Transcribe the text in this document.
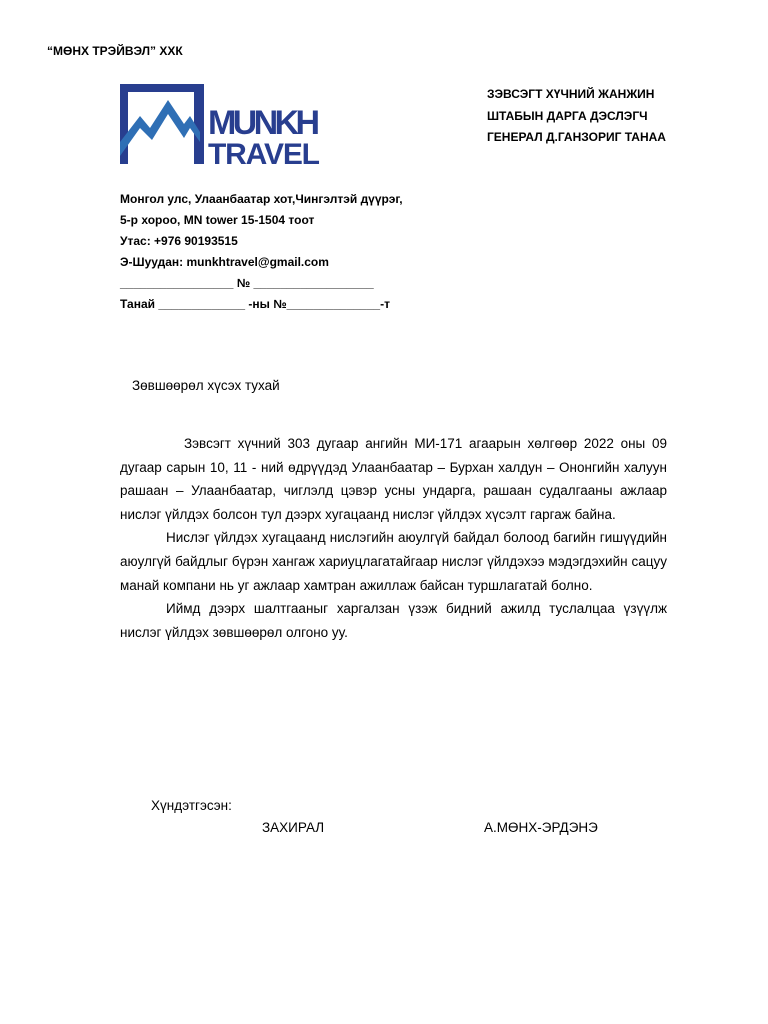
“МӨНХ ТРЭЙВЭЛ” ХХК
MUNKH
TRAVEL
ЗЭВСЭГТ ХҮЧНИЙ ЖАНЖИН
ШТАБЫН ДАРГА ДЭСЛЭГЧ
ГЕНЕРАЛ Д.ГАНЗОРИГ ТАНАА
Монгол улс, Улаанбаатар хот,Чингэлтэй дүүрэг,
5-р хороо, MN tower 15-1504 тоот
Утас: +976 90193515
Э-Шуудан: munkhtravel@gmail.com
_________________ № __________________
Танай _____________ -ны №______________-т
Зөвшөөрөл хүсэх тухай

Зэвсэгт хүчний 303 дугаар ангийн МИ-171 агаарын хөлгөөр 2022 оны 09 дугаар сарын 10, 11 - ний өдрүүдэд Улаанбаатар – Бурхан халдун – Ононгийн халуун рашаан – Улаанбаатар, чиглэлд цэвэр усны ундарга, рашаан судалгааны ажлаар нислэг үйлдэх болсон тул дээрх хугацаанд нислэг үйлдэх хүсэлт гаргаж байна.

Нислэг үйлдэх хугацаанд нислэгийн аюулгүй байдал болоод багийн гишүүдийн аюулгүй байдлыг бүрэн хангаж хариуцлагатайгаар нислэг үйлдэхээ мэдэгдэхийн сацуу манай компани нь уг ажлаар хамтран ажиллаж байсан туршлагатай болно.

Иймд дээрх шалтгааныг харгалзан үзэж бидний ажилд туслалцаа үзүүлж нислэг үйлдэх зөвшөөрөл олгоно уу.

Хүндэтгэсэн:
ЗАХИРАЛ	А.МӨНХ-ЭРДЭНЭ
